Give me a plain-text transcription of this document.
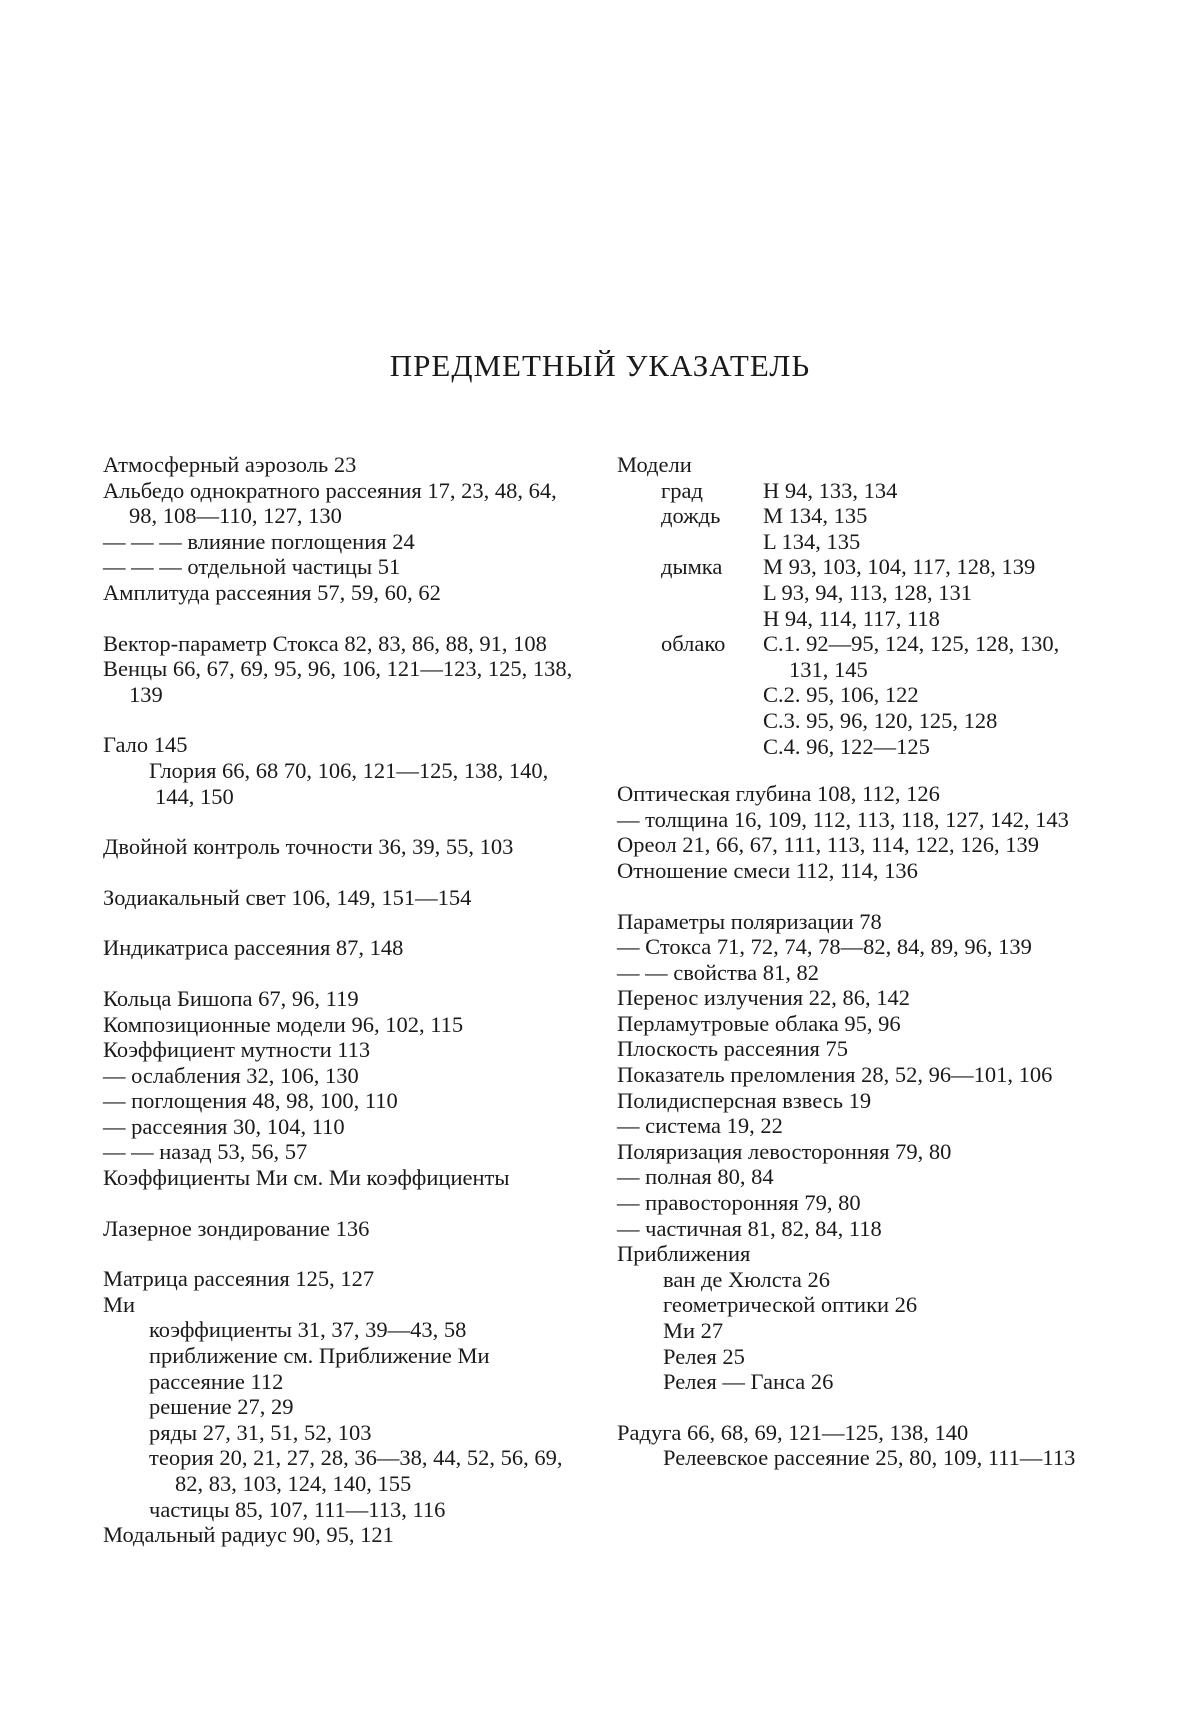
ПРЕДМЕТНЫЙ УКАЗАТЕЛЬ

Атмосферный аэрозоль 23

Альбедо однократного рассеяния 17, 23, 48, 64, 98, 108—110, 127, 130

— — — влияние поглощения 24

— — — отдельной частицы 51

Амплитуда рассеяния 57, 59, 60, 62

Вектор-параметр Стокса 82, 83, 86, 88, 91, 108

Венцы 66, 67, 69, 95, 96, 106, 121—123, 125, 138, 139

Гало 145

Глория 66, 68 70, 106, 121—125, 138, 140, 144, 150

Двойной контроль точности 36, 39, 55, 103

Зодиакальный свет 106, 149, 151—154

Индикатриса рассеяния 87, 148

Кольца Бишопа 67, 96, 119

Композиционные модели 96, 102, 115

Коэффициент мутности 113

— ослабления 32, 106, 130

— поглощения 48, 98, 100, 110

— рассеяния 30, 104, 110

— — назад 53, 56, 57

Коэффициенты Ми см. Ми коэффициенты

Лазерное зондирование 136

Матрица рассеяния 125, 127

Ми

коэффициенты 31, 37, 39—43, 58

приближение см. Приближение Ми

рассеяние 112

решение 27, 29

ряды 27, 31, 51, 52, 103

теория 20, 21, 27, 28, 36—38, 44, 52, 56, 69, 82, 83, 103, 124, 140, 155

частицы 85, 107, 111—113, 116

Модальный радиус 90, 95, 121

Модели

град	H 94, 133, 134
дождь	M 134, 135
L 134, 135
дымка	M 93, 103, 104, 117, 128, 139
L 93, 94, 113, 128, 131
H 94, 114, 117, 118
облако	C.1. 92—95, 124, 125, 128, 130, 131, 145
C.2. 95, 106, 122
C.3. 95, 96, 120, 125, 128
C.4. 96, 122—125

Оптическая глубина 108, 112, 126

— толщина 16, 109, 112, 113, 118, 127, 142, 143

Ореол 21, 66, 67, 111, 113, 114, 122, 126, 139

Отношение смеси 112, 114, 136

Параметры поляризации 78

— Стокса 71, 72, 74, 78—82, 84, 89, 96, 139

— — свойства 81, 82

Перенос излучения 22, 86, 142

Перламутровые облака 95, 96

Плоскость рассеяния 75

Показатель преломления 28, 52, 96—101, 106

Полидисперсная взвесь 19

— система 19, 22

Поляризация левосторонняя 79, 80

— полная 80, 84

— правосторонняя 79, 80

— частичная 81, 82, 84, 118

Приближения

ван де Хюлста 26

геометрической оптики 26

Ми 27

Релея 25

Релея — Ганса 26

Радуга 66, 68, 69, 121—125, 138, 140

Релеевское рассеяние 25, 80, 109, 111—113
